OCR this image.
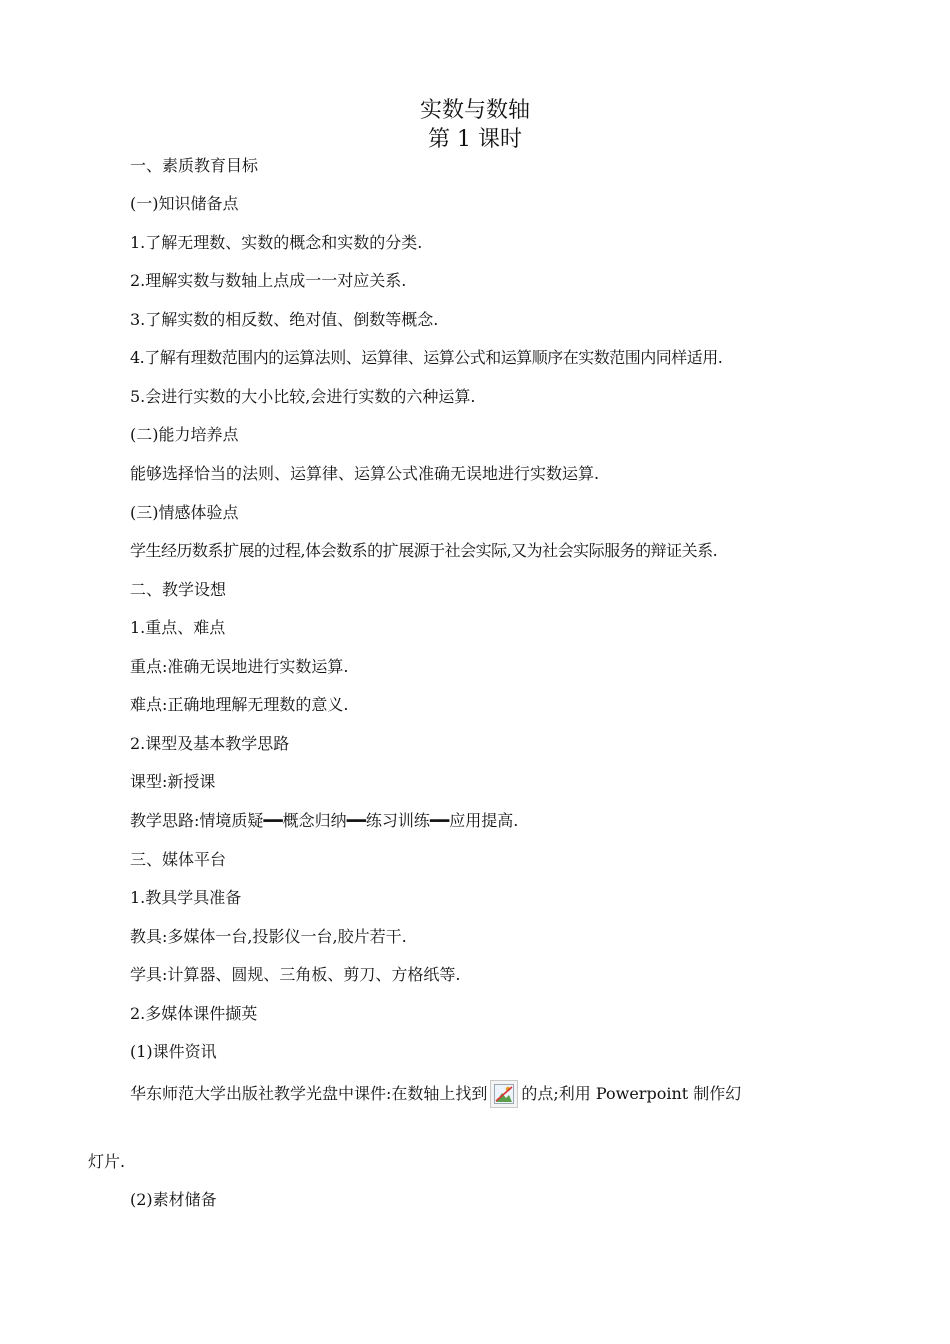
实数与数轴
第 1 课时
一、素质教育目标
(一)知识储备点
1.了解无理数、实数的概念和实数的分类.
2.理解实数与数轴上点成一一对应关系.
3.了解实数的相反数、绝对值、倒数等概念.
4.了解有理数范围内的运算法则、运算律、运算公式和运算顺序在实数范围内同样适用.
5.会进行实数的大小比较,会进行实数的六种运算.
(二)能力培养点
能够选择恰当的法则、运算律、运算公式准确无误地进行实数运算.
(三)情感体验点
学生经历数系扩展的过程,体会数系的扩展源于社会实际,又为社会实际服务的辩证关系.
二、教学设想
1.重点、难点
重点:准确无误地进行实数运算.
难点:正确地理解无理数的意义.
2.课型及基本教学思路
课型:新授课
教学思路:情境质疑━━概念归纳━━练习训练━━应用提高.
三、媒体平台
1.教具学具准备
教具:多媒体一台,投影仪一台,胶片若干.
学具:计算器、圆规、三角板、剪刀、方格纸等.
2.多媒体课件撷英
(1)课件资讯
华东师范大学出版社教学光盘中课件:在数轴上找到 的点;利用 Powerpoint 制作幻
灯片.
(2)素材储备
